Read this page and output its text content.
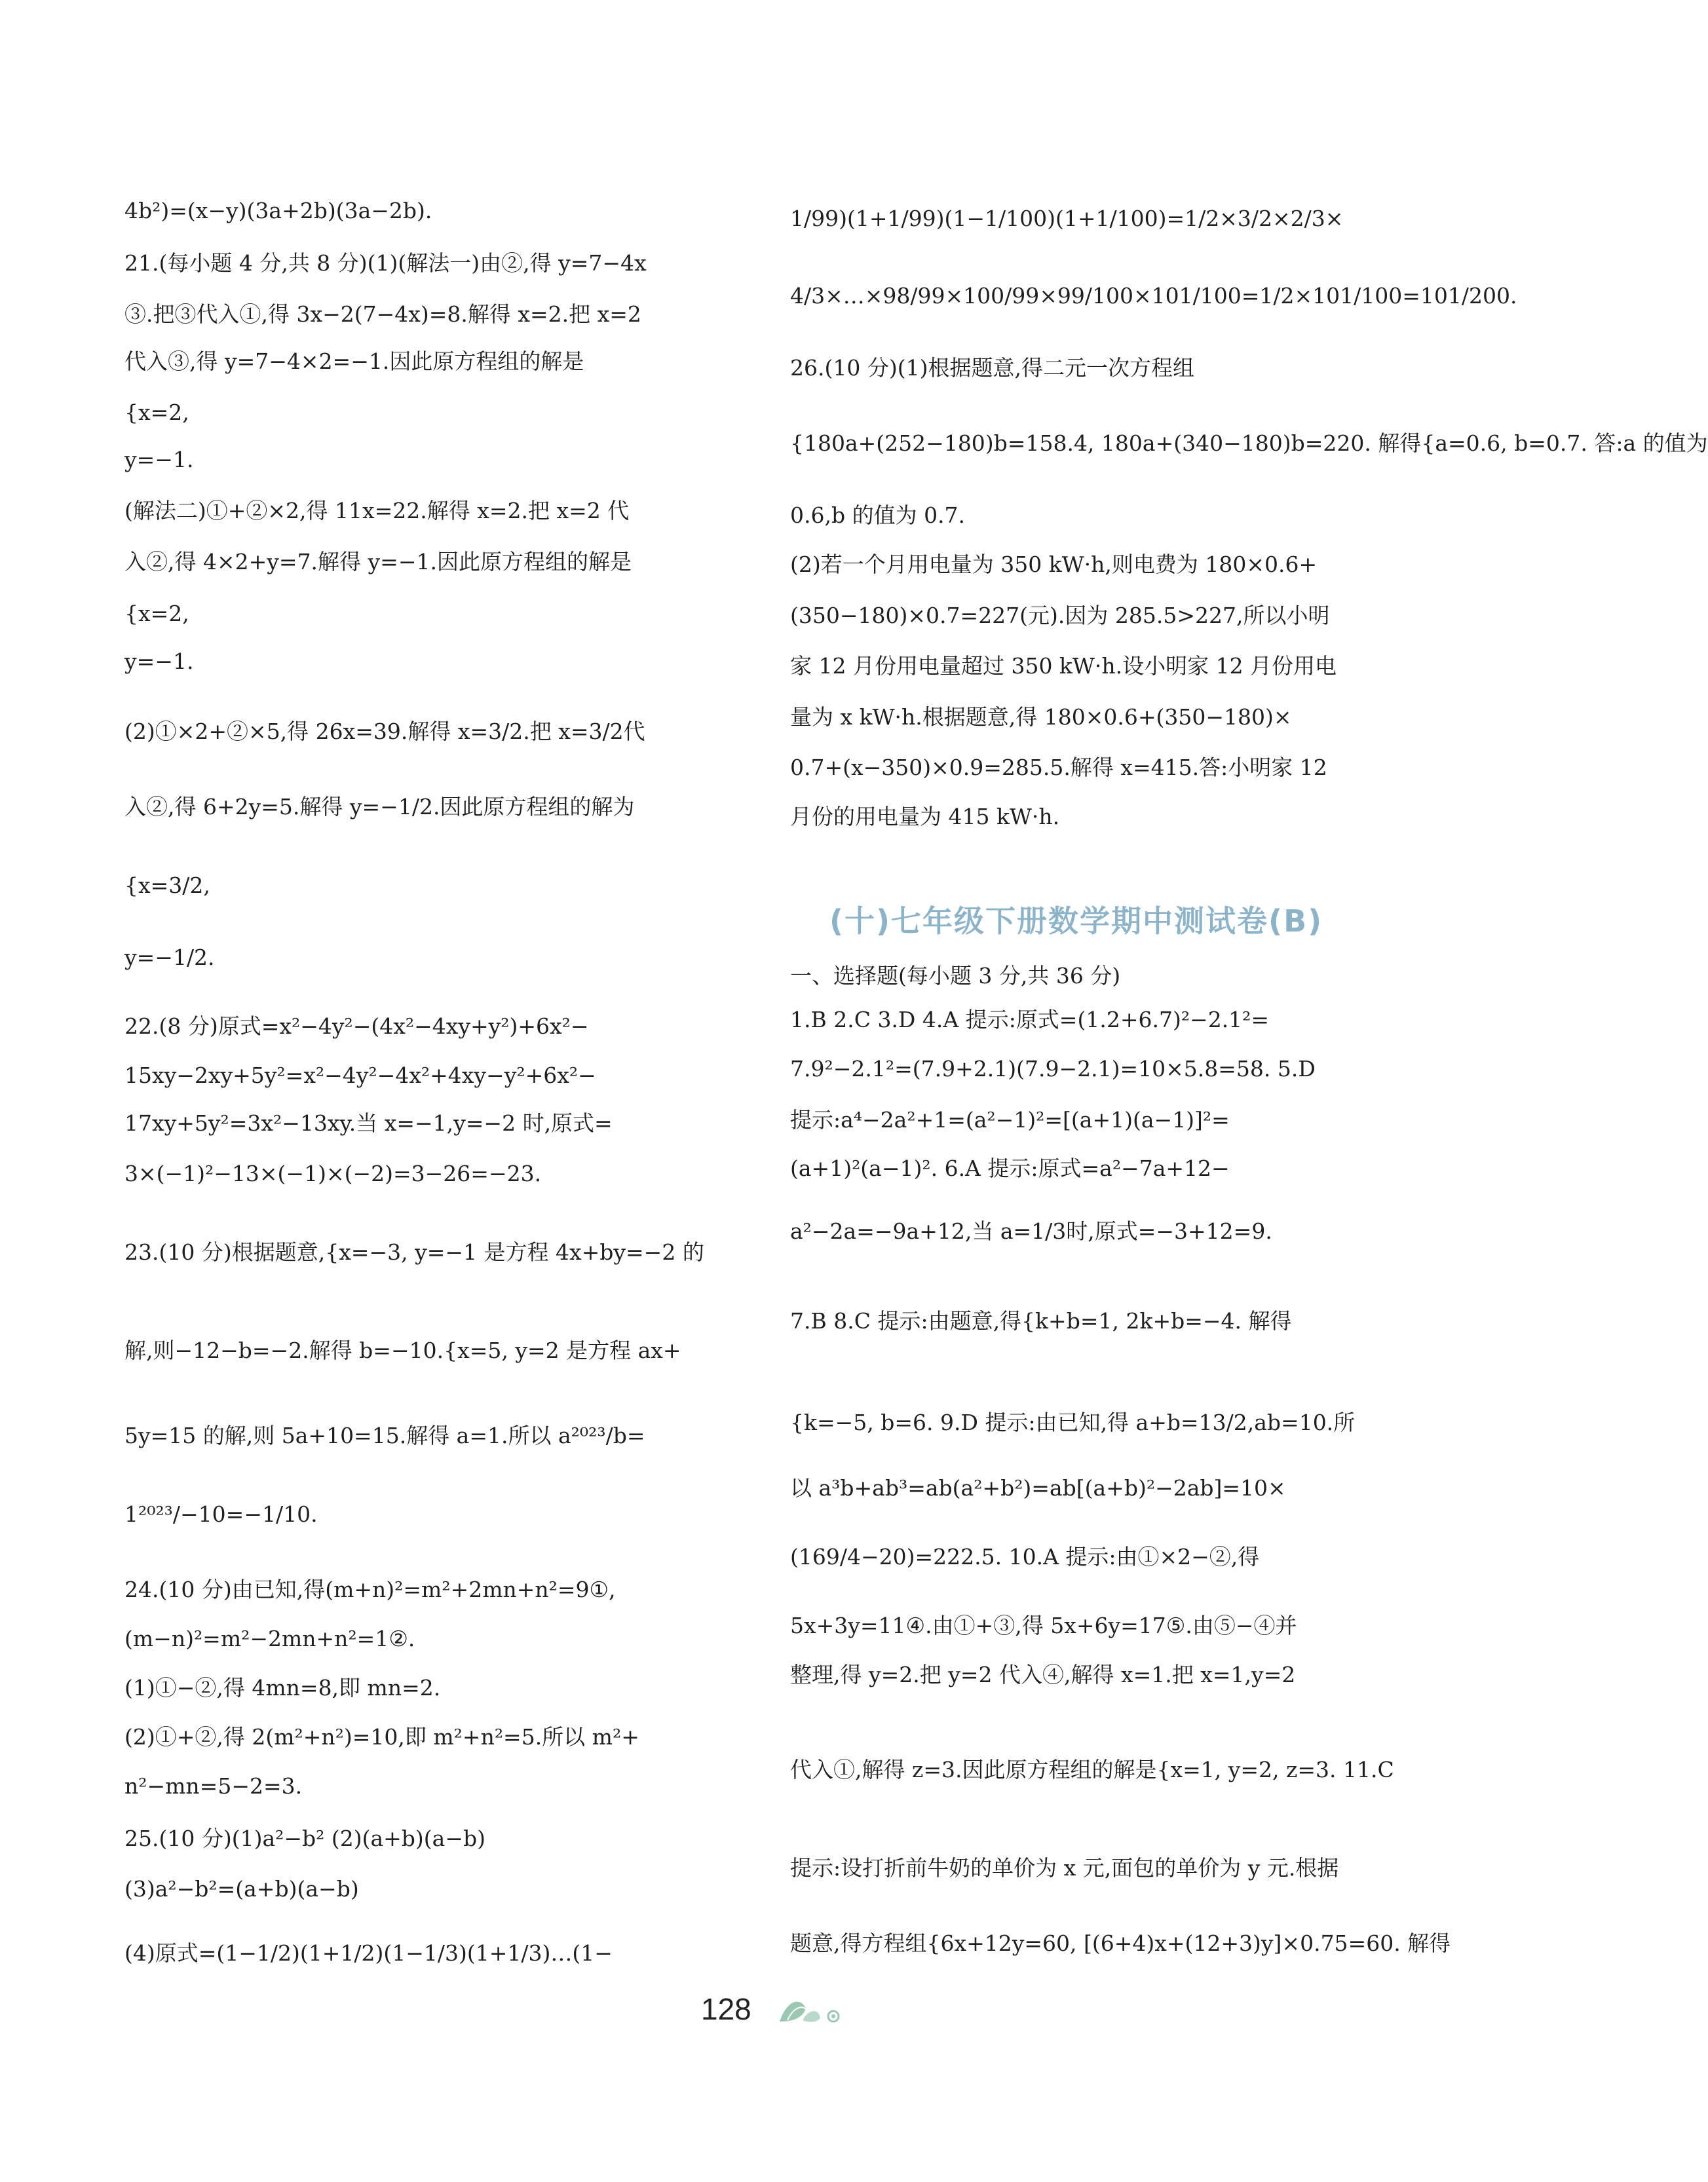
4b²)=(x−y)(3a+2b)(3a−2b).
21.(每小题 4 分,共 8 分)(1)(解法一)由②,得 y=7−4x
③.把③代入①,得 3x−2(7−4x)=8.解得 x=2.把 x=2
代入③,得 y=7−4×2=−1.因此原方程组的解是
{x=2,
y=−1.
(解法二)①+②×2,得 11x=22.解得 x=2.把 x=2 代
入②,得 4×2+y=7.解得 y=−1.因此原方程组的解是
{x=2,
y=−1.
(2)①×2+②×5,得 26x=39.解得 x=3/2.把 x=3/2代
入②,得 6+2y=5.解得 y=−1/2.因此原方程组的解为
{x=3/2,
y=−1/2.
22.(8 分)原式=x²−4y²−(4x²−4xy+y²)+6x²−
15xy−2xy+5y²=x²−4y²−4x²+4xy−y²+6x²−
17xy+5y²=3x²−13xy.当 x=−1,y=−2 时,原式=
3×(−1)²−13×(−1)×(−2)=3−26=−23.
23.(10 分)根据题意,{x=−3, y=−1 是方程 4x+by=−2 的
解,则−12−b=−2.解得 b=−10.{x=5, y=2 是方程 ax+
5y=15 的解,则 5a+10=15.解得 a=1.所以 a²⁰²³/b=
1²⁰²³/−10=−1/10.
24.(10 分)由已知,得(m+n)²=m²+2mn+n²=9①,
(m−n)²=m²−2mn+n²=1②.
(1)①−②,得 4mn=8,即 mn=2.
(2)①+②,得 2(m²+n²)=10,即 m²+n²=5.所以 m²+
n²−mn=5−2=3.
25.(10 分)(1)a²−b² (2)(a+b)(a−b)
(3)a²−b²=(a+b)(a−b)
(4)原式=(1−1/2)(1+1/2)(1−1/3)(1+1/3)…(1−
1/99)(1+1/99)(1−1/100)(1+1/100)=1/2×3/2×2/3×
4/3×…×98/99×100/99×99/100×101/100=1/2×101/100=101/200.
26.(10 分)(1)根据题意,得二元一次方程组
{180a+(252−180)b=158.4, 180a+(340−180)b=220. 解得{a=0.6, b=0.7. 答:a 的值为
0.6,b 的值为 0.7.
(2)若一个月用电量为 350 kW·h,则电费为 180×0.6+
(350−180)×0.7=227(元).因为 285.5>227,所以小明
家 12 月份用电量超过 350 kW·h.设小明家 12 月份用电
量为 x kW·h.根据题意,得 180×0.6+(350−180)×
0.7+(x−350)×0.9=285.5.解得 x=415.答:小明家 12
月份的用电量为 415 kW·h.
(十)七年级下册数学期中测试卷(B)
一、选择题(每小题 3 分,共 36 分)
1.B 2.C 3.D 4.A 提示:原式=(1.2+6.7)²−2.1²=
7.9²−2.1²=(7.9+2.1)(7.9−2.1)=10×5.8=58. 5.D
提示:a⁴−2a²+1=(a²−1)²=[(a+1)(a−1)]²=
(a+1)²(a−1)². 6.A 提示:原式=a²−7a+12−
a²−2a=−9a+12,当 a=1/3时,原式=−3+12=9.
7.B 8.C 提示:由题意,得{k+b=1, 2k+b=−4. 解得
{k=−5, b=6. 9.D 提示:由已知,得 a+b=13/2,ab=10.所
以 a³b+ab³=ab(a²+b²)=ab[(a+b)²−2ab]=10×
(169/4−20)=222.5. 10.A 提示:由①×2−②,得
5x+3y=11④.由①+③,得 5x+6y=17⑤.由⑤−④并
整理,得 y=2.把 y=2 代入④,解得 x=1.把 x=1,y=2
代入①,解得 z=3.因此原方程组的解是{x=1, y=2, z=3. 11.C
提示:设打折前牛奶的单价为 x 元,面包的单价为 y 元.根据
题意,得方程组{6x+12y=60, [(6+4)x+(12+3)y]×0.75=60. 解得
128
